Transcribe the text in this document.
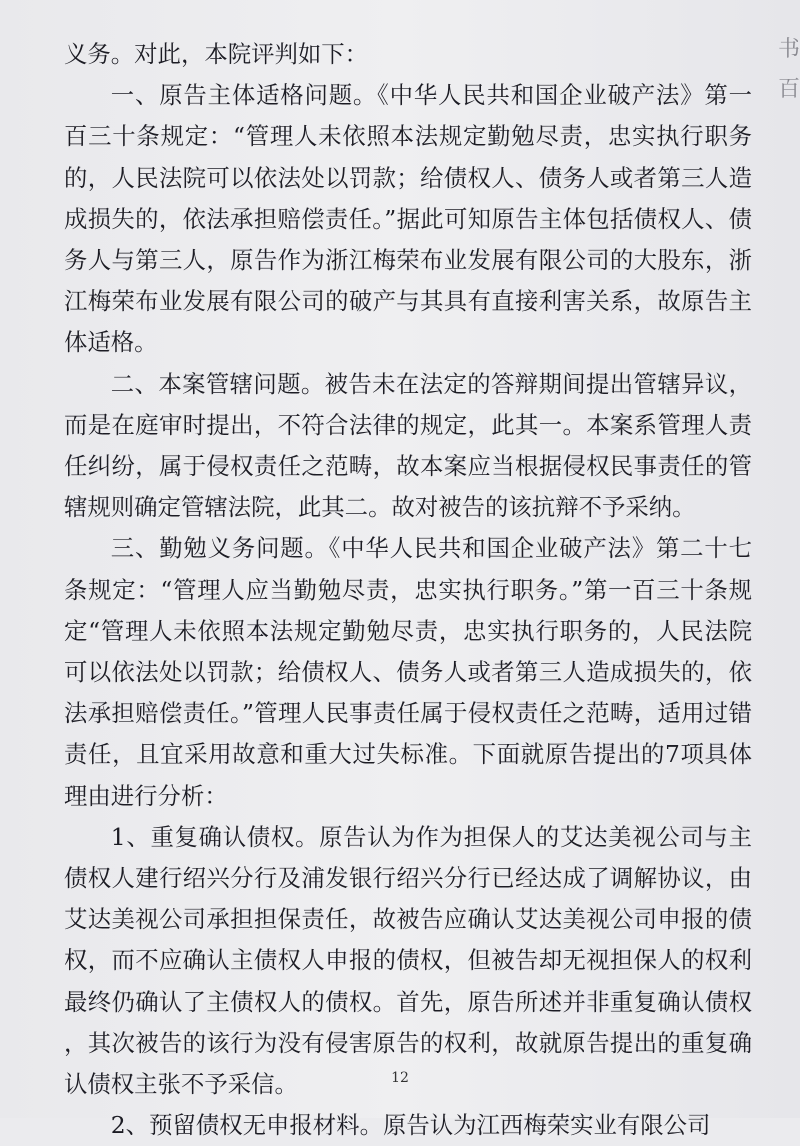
书
百

义务。对此，本院评判如下：

一、原告主体适格问题。《中华人民共和国企业破产法》第一百三十条规定：“管理人未依照本法规定勤勉尽责，忠实执行职务的，人民法院可以依法处以罚款；给债权人、债务人或者第三人造成损失的，依法承担赔偿责任。”据此可知原告主体包括债权人、债务人与第三人，原告作为浙江梅荣布业发展有限公司的大股东，浙江梅荣布业发展有限公司的破产与其具有直接利害关系，故原告主体适格。

二、本案管辖问题。被告未在法定的答辩期间提出管辖异议，而是在庭审时提出，不符合法律的规定，此其一。本案系管理人责任纠纷，属于侵权责任之范畴，故本案应当根据侵权民事责任的管辖规则确定管辖法院，此其二。故对被告的该抗辩不予采纳。

三、勤勉义务问题。《中华人民共和国企业破产法》第二十七条规定：“管理人应当勤勉尽责，忠实执行职务。”第一百三十条规定“管理人未依照本法规定勤勉尽责，忠实执行职务的，人民法院可以依法处以罚款；给债权人、债务人或者第三人造成损失的，依法承担赔偿责任。”管理人民事责任属于侵权责任之范畴，适用过错责任，且宜采用故意和重大过失标准。下面就原告提出的7项具体理由进行分析：

1、重复确认债权。原告认为作为担保人的艾达美视公司与主债权人建行绍兴分行及浦发银行绍兴分行已经达成了调解协议，由艾达美视公司承担担保责任，故被告应确认艾达美视公司申报的债权，而不应确认主债权人申报的债权，但被告却无视担保人的权利最终仍确认了主债权人的债权。首先，原告所述并非重复确认债权，其次被告的该行为没有侵害原告的权利，故就原告提出的重复确认债权主张不予采信。

2、预留债权无申报材料。原告认为江西梅荣实业有限公司

12
